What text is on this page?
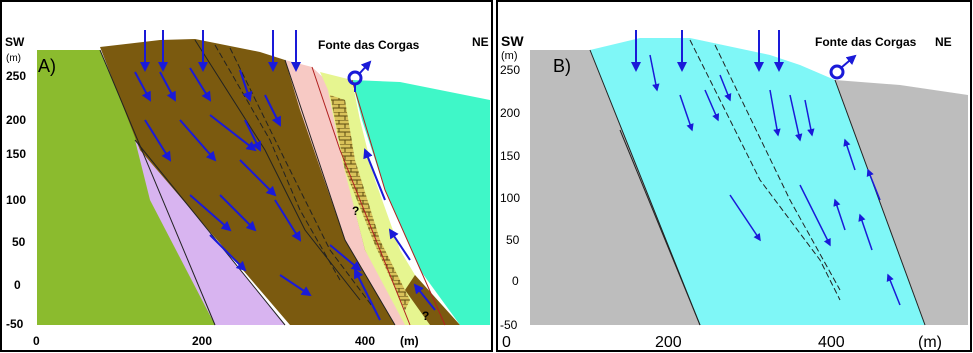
SW
(m) A)
NE
Fonte das Corgas
250
200
150
100
50
0
-50
0	200	400 (m)
?
?
SW
(m) B)
NE
Fonte das Corgas
250
200
150
100
50
0
-50
0	200	400	(m)
